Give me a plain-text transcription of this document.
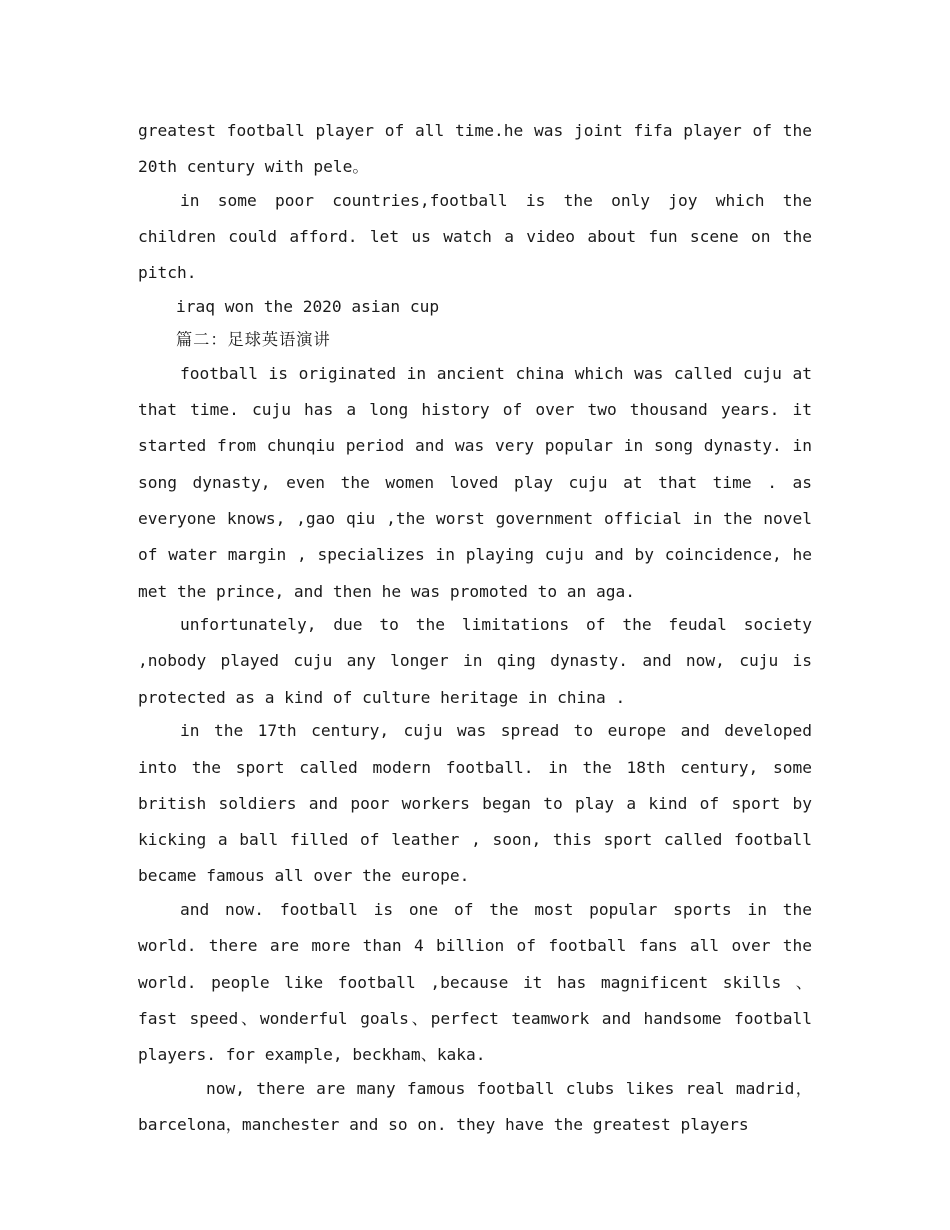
greatest football player of all time.he was joint fifa player of the 20th century with pele。

in some poor countries,football is the only joy which the children could afford. let us watch a video about fun scene on the pitch.

iraq won the 2020 asian cup

篇二：足球英语演讲

football is originated in ancient china which was called cuju at that time. cuju has a long history of over two thousand years. it started from chunqiu period and was very popular in song dynasty. in song dynasty, even the women loved play cuju at that time . as everyone knows, ,gao qiu ,the worst government official in the novel of water margin , specializes in playing cuju and by coincidence, he met the prince, and then he was promoted to an aga.

unfortunately, due to the limitations of the feudal society ,nobody played cuju any longer in qing dynasty. and now, cuju is protected as a kind of culture heritage in china .

in the 17th century, cuju was spread to europe and developed into the sport called modern football. in the 18th century, some british soldiers and poor workers began to play a kind of sport by kicking a ball filled of leather , soon, this sport called football became famous all over the europe.

and now. football is one of the most popular sports in the world. there are more than 4 billion of football fans all over the world. people like football ,because it has magnificent skills 、 fast speed、wonderful goals、perfect teamwork and handsome football players. for example, beckham、kaka.

now, there are many famous football clubs likes real madrid，barcelona，manchester and so on. they have the greatest players
